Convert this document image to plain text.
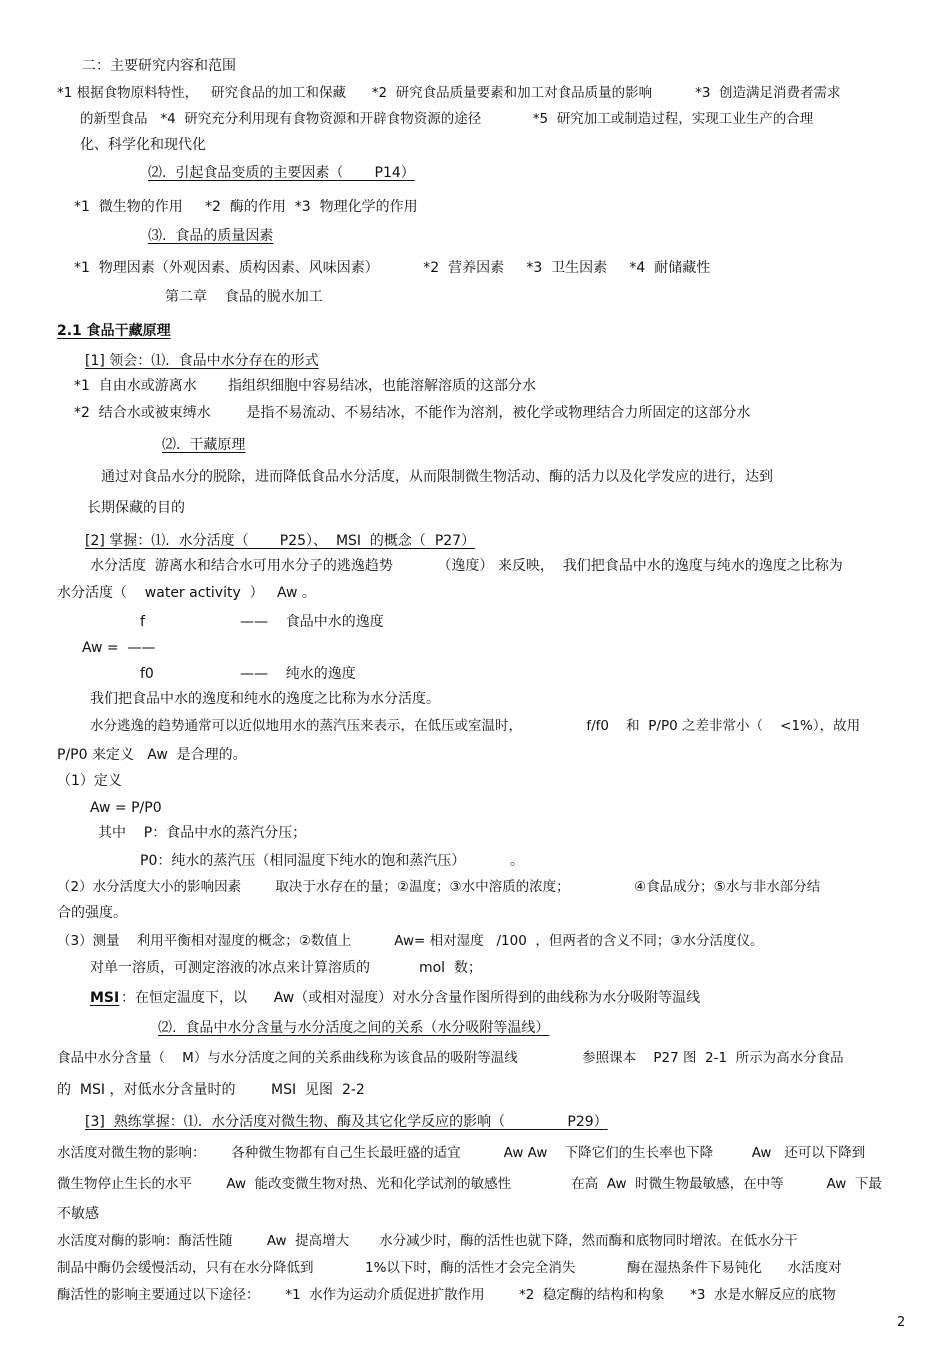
二：主要研究内容和范围
*1 根据食物原料特性，   研究食品的加工和保藏      *2  研究食品质量要素和加工对食品质量的影响          *3  创造满足消费者需求
的新型食品   *4  研究充分利用现有食物资源和开辟食物资源的途径            *5  研究加工或制造过程，实现工业生产的合理
化、科学化和现代化
⑵.  引起食品变质的主要因素（       P14）
*1  微生物的作用     *2  酶的作用  *3  物理化学的作用
⑶.  食品的质量因素
*1  物理因素（外观因素、质构因素、风味因素）          *2  营养因素     *3  卫生因素     *4  耐储藏性
第二章    食品的脱水加工
2.1 食品干藏原理
[1] 领会：⑴.  食品中水分存在的形式
*1  自由水或游离水       指组织细胞中容易结冰，也能溶解溶质的这部分水
*2  结合水或被束缚水        是指不易流动、不易结冰，不能作为溶剂，被化学或物理结合力所固定的这部分水
⑵.  干藏原理
通过对食品水分的脱除，进而降低食品水分活度，从而限制微生物活动、酶的活力以及化学发应的进行，达到
长期保藏的目的
[2] 掌握：⑴.  水分活度（       P25）、  MSI  的概念（  P27）
水分活度  游离水和结合水可用水分子的逃逸趋势          （逸度） 来反映，  我们把食品中水的逸度与纯水的逸度之比称为
水分活度（    water activity  ）   Aw 。
f	——    食品中水的逸度
Aw =  ——
f0	——    纯水的逸度
我们把食品中水的逸度和纯水的逸度之比称为水分活度。
水分逃逸的趋势通常可以近似地用水的蒸汽压来表示，在低压或室温时，               f/f0    和  P/P0 之差非常小（    <1%），故用
P/P0 来定义   Aw  是合理的。
（1）定义
Aw = P/P0
其中    P：食品中水的蒸汽分压；
P0：纯水的蒸汽压（相同温度下纯水的饱和蒸汽压）          。
（2）水分活度大小的影响因素        取决于水存在的量；②温度；③水中溶质的浓度；               ④食品成分；⑤水与非水部分结
合的强度。
（3）测量    利用平衡相对湿度的概念；②数值上          Aw= 相对湿度   /100  ，但两者的含义不同；③水分活度仪。
对单一溶质，可测定溶液的冰点来计算溶质的           mol  数；
MSI ：在恒定温度下，以      Aw（或相对湿度）对水分含量作图所得到的曲线称为水分吸附等温线
⑵.  食品中水分含量与水分活度之间的关系（水分吸附等温线）
食品中水分含量（    M）与水分活度之间的关系曲线称为该食品的吸附等温线               参照课本    P27 图  2-1  所示为高水分食品
的  MSI ，对低水分含量时的        MSI  见图  2-2
[3]  熟练掌握：⑴.  水分活度对微生物、酶及其它化学反应的影响（              P29）
水活度对微生物的影响：      各种微生物都有自己生长最旺盛的适宜          Aw Aw    下降它们的生长率也下降         Aw   还可以下降到
微生物停止生长的水平        Aw  能改变微生物对热、光和化学试剂的敏感性              在高  Aw  时微生物最敏感，在中等          Aw  下最
不敏感
水活度对酶的影响：酶活性随        Aw  提高增大       水分减少时，酶的活性也就下降，然而酶和底物同时增浓。在低水分干
制品中酶仍会缓慢活动，只有在水分降低到            1%以下时，酶的活性才会完全消失            酶在湿热条件下易钝化      水活度对
酶活性的影响主要通过以下途径：      *1  水作为运动介质促进扩散作用        *2  稳定酶的结构和构象      *3  水是水解反应的底物
2
